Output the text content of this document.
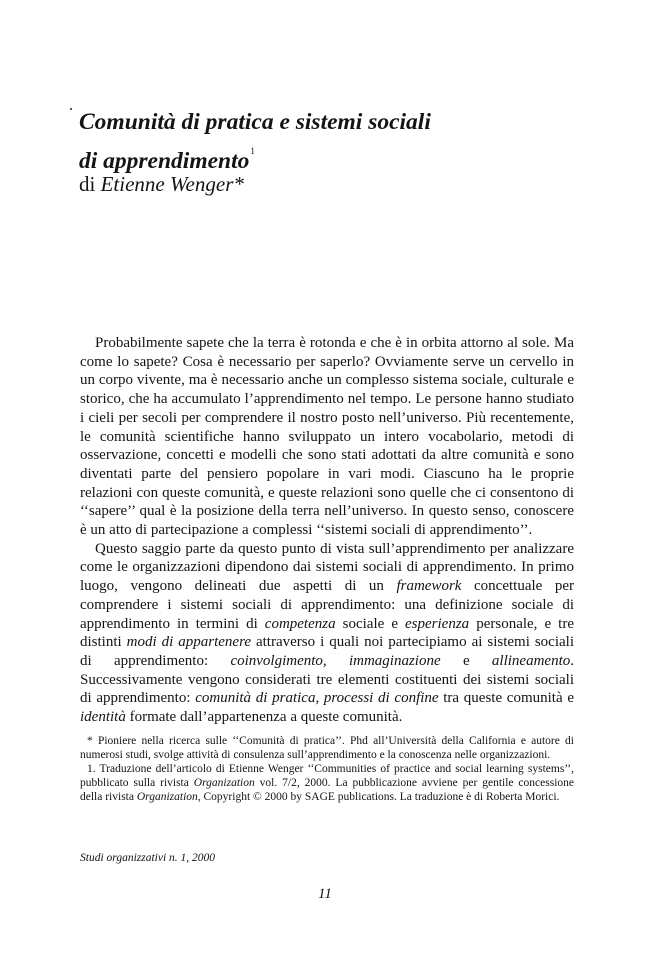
Comunità di pratica e sistemi sociali
di apprendimento$^1$

di Etienne Wenger*

Probabilmente sapete che la terra è rotonda e che è in orbita attorno al sole. Ma come lo sapete? Cosa è necessario per saperlo? Ovviamente serve un cervello in un corpo vivente, ma è necessario anche un complesso sistema sociale, culturale e storico, che ha accumulato l’apprendimento nel tempo. Le persone hanno studiato i cieli per secoli per comprendere il nostro posto nell’universo. Più recentemente, le comunità scientifiche hanno sviluppato un intero vocabolario, metodi di osservazione, concetti e modelli che sono stati adottati da altre comunità e sono diventati parte del pensiero popolare in vari modi. Ciascuno ha le proprie relazioni con queste comunità, e queste relazioni sono quelle che ci consentono di ‘‘sapere’’ qual è la posizione della terra nell’universo. In questo senso, conoscere è un atto di partecipazione a complessi ‘‘sistemi sociali di apprendimento’’.

Questo saggio parte da questo punto di vista sull’apprendimento per analizzare come le organizzazioni dipendono dai sistemi sociali di apprendimento. In primo luogo, vengono delineati due aspetti di un framework concettuale per comprendere i sistemi sociali di apprendimento: una definizione sociale di apprendimento in termini di competenza sociale e esperienza personale, e tre distinti modi di appartenere attraverso i quali noi partecipiamo ai sistemi sociali di apprendimento: coinvolgimento, immaginazione e allineamento. Successivamente vengono considerati tre elementi costituenti dei sistemi sociali di apprendimento: comunità di pratica, processi di confine tra queste comunità e identità formate dall’appartenenza a queste comunità.

* Pioniere nella ricerca sulle ‘‘Comunità di pratica’’. Phd all’Università della California e autore di numerosi studi, svolge attività di consulenza sull’apprendimento e la conoscenza nelle organizzazioni.

1. Traduzione dell’articolo di Etienne Wenger ‘‘Communities of practice and social learning systems’’, pubblicato sulla rivista Organization vol. 7/2, 2000. La pubblicazione avviene per gentile concessione della rivista Organization, Copyright © 2000 by SAGE publications. La traduzione è di Roberta Morici.

Studi organizzativi n. 1, 2000

11
